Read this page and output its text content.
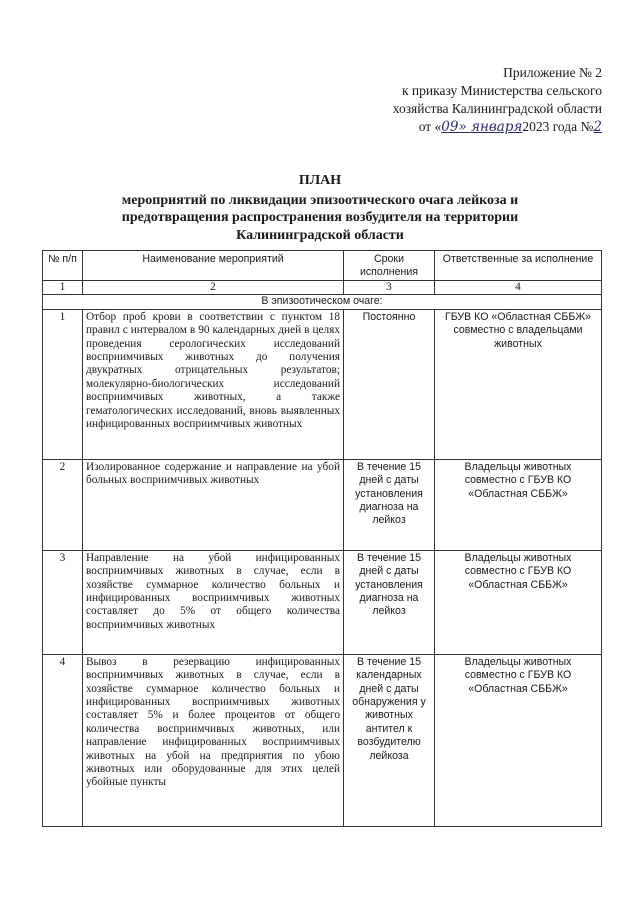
Приложение № 2
к приказу Министерства сельского
хозяйства Калининградской области
от «09» января2023 года №2
ПЛАН
мероприятий по ликвидации эпизоотического очага лейкоза и
предотвращения распространения возбудителя на территории
Калининградской области
№ п/п	Наименование мероприятий	Сроки исполнения	Ответственные за исполнение
1	2	3	4
В эпизоотическом очаге:			
1	Отбор проб крови в соответствии с пунктом 18 правил с интервалом в 90 календарных дней в целях проведения серологических исследований восприимчивых животных до получения двукратных отрицательных результатов; молекулярно-биологических исследований восприимчивых животных, а также гематологических исследований, вновь выявленных инфицированных восприимчивых животных	Постоянно	ГБУВ КО «Областная СББЖ» совместно с владельцами животных
2	Изолированное содержание и направление на убой больных восприимчивых животных	В течение 15 дней с даты установления диагноза на лейкоз	Владельцы животных совместно с ГБУВ КО «Областная СББЖ»
3	Направление на убой инфицированных восприимчивых животных в случае, если в хозяйстве суммарное количество больных и инфицированных восприимчивых животных составляет до 5% от общего количества восприимчивых животных	В течение 15 дней с даты установления диагноза на лейкоз	Владельцы животных совместно с ГБУВ КО «Областная СББЖ»
4	Вывоз в резервацию инфицированных восприимчивых животных в случае, если в хозяйстве суммарное количество больных и инфицированных восприимчивых животных составляет 5% и более процентов от общего количества восприимчивых животных, или направление инфицированных восприимчивых животных на убой на предприятия по убою животных или оборудованные для этих целей убойные пункты	В течение 15 календарных дней с даты обнаружения у животных антител к возбудителю лейкоза	Владельцы животных совместно с ГБУВ КО «Областная СББЖ»
